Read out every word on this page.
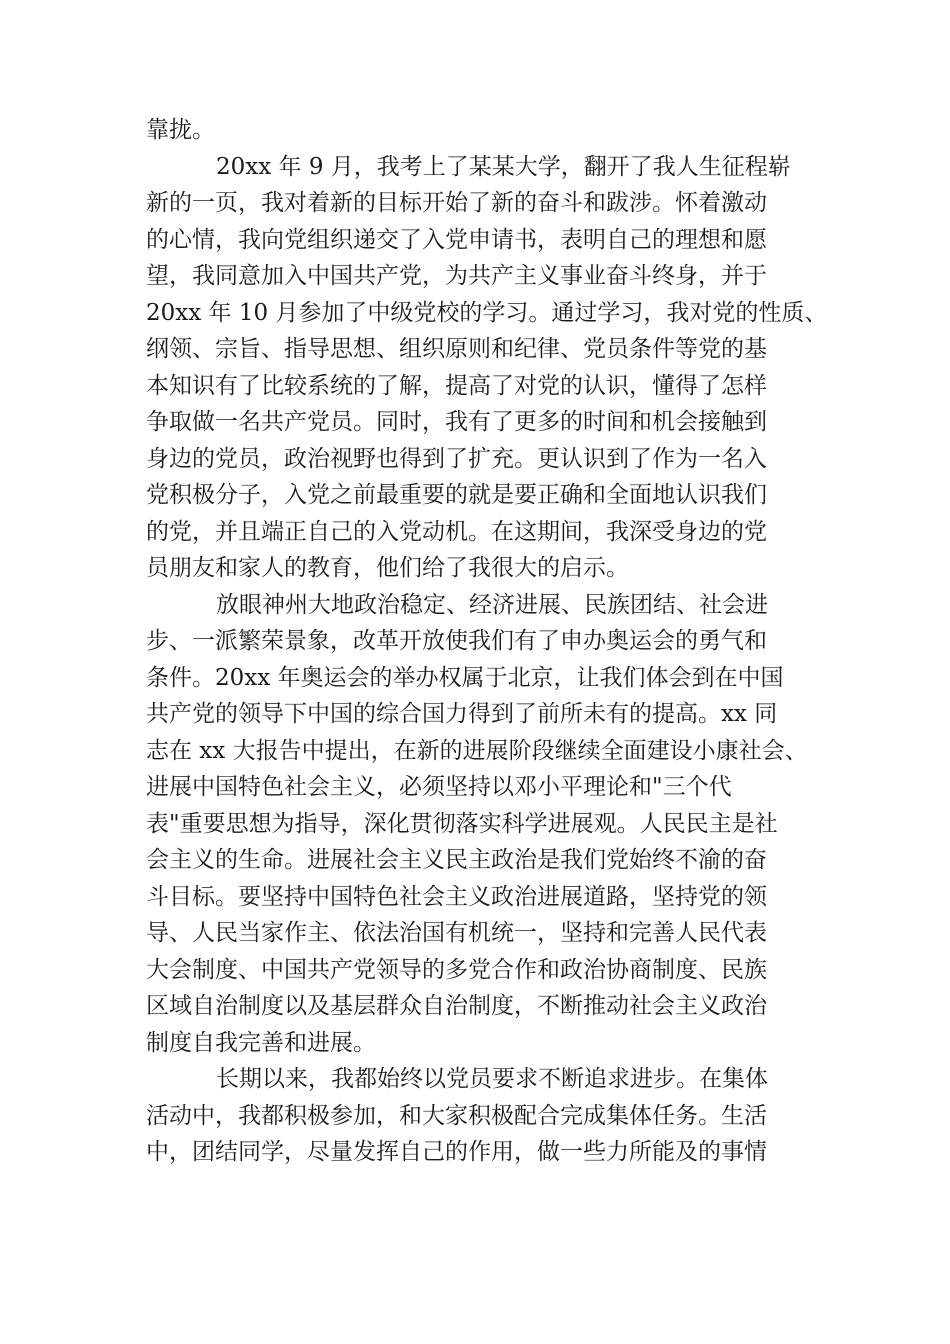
靠拢。
20xx 年 9 月，我考上了某某大学，翻开了我人生征程崭
新的一页，我对着新的目标开始了新的奋斗和跋涉。怀着激动
的心情，我向党组织递交了入党申请书，表明自己的理想和愿
望，我同意加入中国共产党，为共产主义事业奋斗终身，并于
20xx 年 10 月参加了中级党校的学习。通过学习，我对党的性质、
纲领、宗旨、指导思想、组织原则和纪律、党员条件等党的基
本知识有了比较系统的了解，提高了对党的认识，懂得了怎样
争取做一名共产党员。同时，我有了更多的时间和机会接触到
身边的党员，政治视野也得到了扩充。更认识到了作为一名入
党积极分子，入党之前最重要的就是要正确和全面地认识我们
的党，并且端正自己的入党动机。在这期间，我深受身边的党
员朋友和家人的教育，他们给了我很大的启示。
放眼神州大地政治稳定、经济进展、民族团结、社会进
步、一派繁荣景象，改革开放使我们有了申办奥运会的勇气和
条件。20xx 年奥运会的举办权属于北京，让我们体会到在中国
共产党的领导下中国的综合国力得到了前所未有的提高。xx 同
志在 xx 大报告中提出，在新的进展阶段继续全面建设小康社会、
进展中国特色社会主义，必须坚持以邓小平理论和"三个代
表"重要思想为指导，深化贯彻落实科学进展观。人民民主是社
会主义的生命。进展社会主义民主政治是我们党始终不渝的奋
斗目标。要坚持中国特色社会主义政治进展道路，坚持党的领
导、人民当家作主、依法治国有机统一，坚持和完善人民代表
大会制度、中国共产党领导的多党合作和政治协商制度、民族
区域自治制度以及基层群众自治制度，不断推动社会主义政治
制度自我完善和进展。
长期以来，我都始终以党员要求不断追求进步。在集体
活动中，我都积极参加，和大家积极配合完成集体任务。生活
中，团结同学，尽量发挥自己的作用，做一些力所能及的事情
